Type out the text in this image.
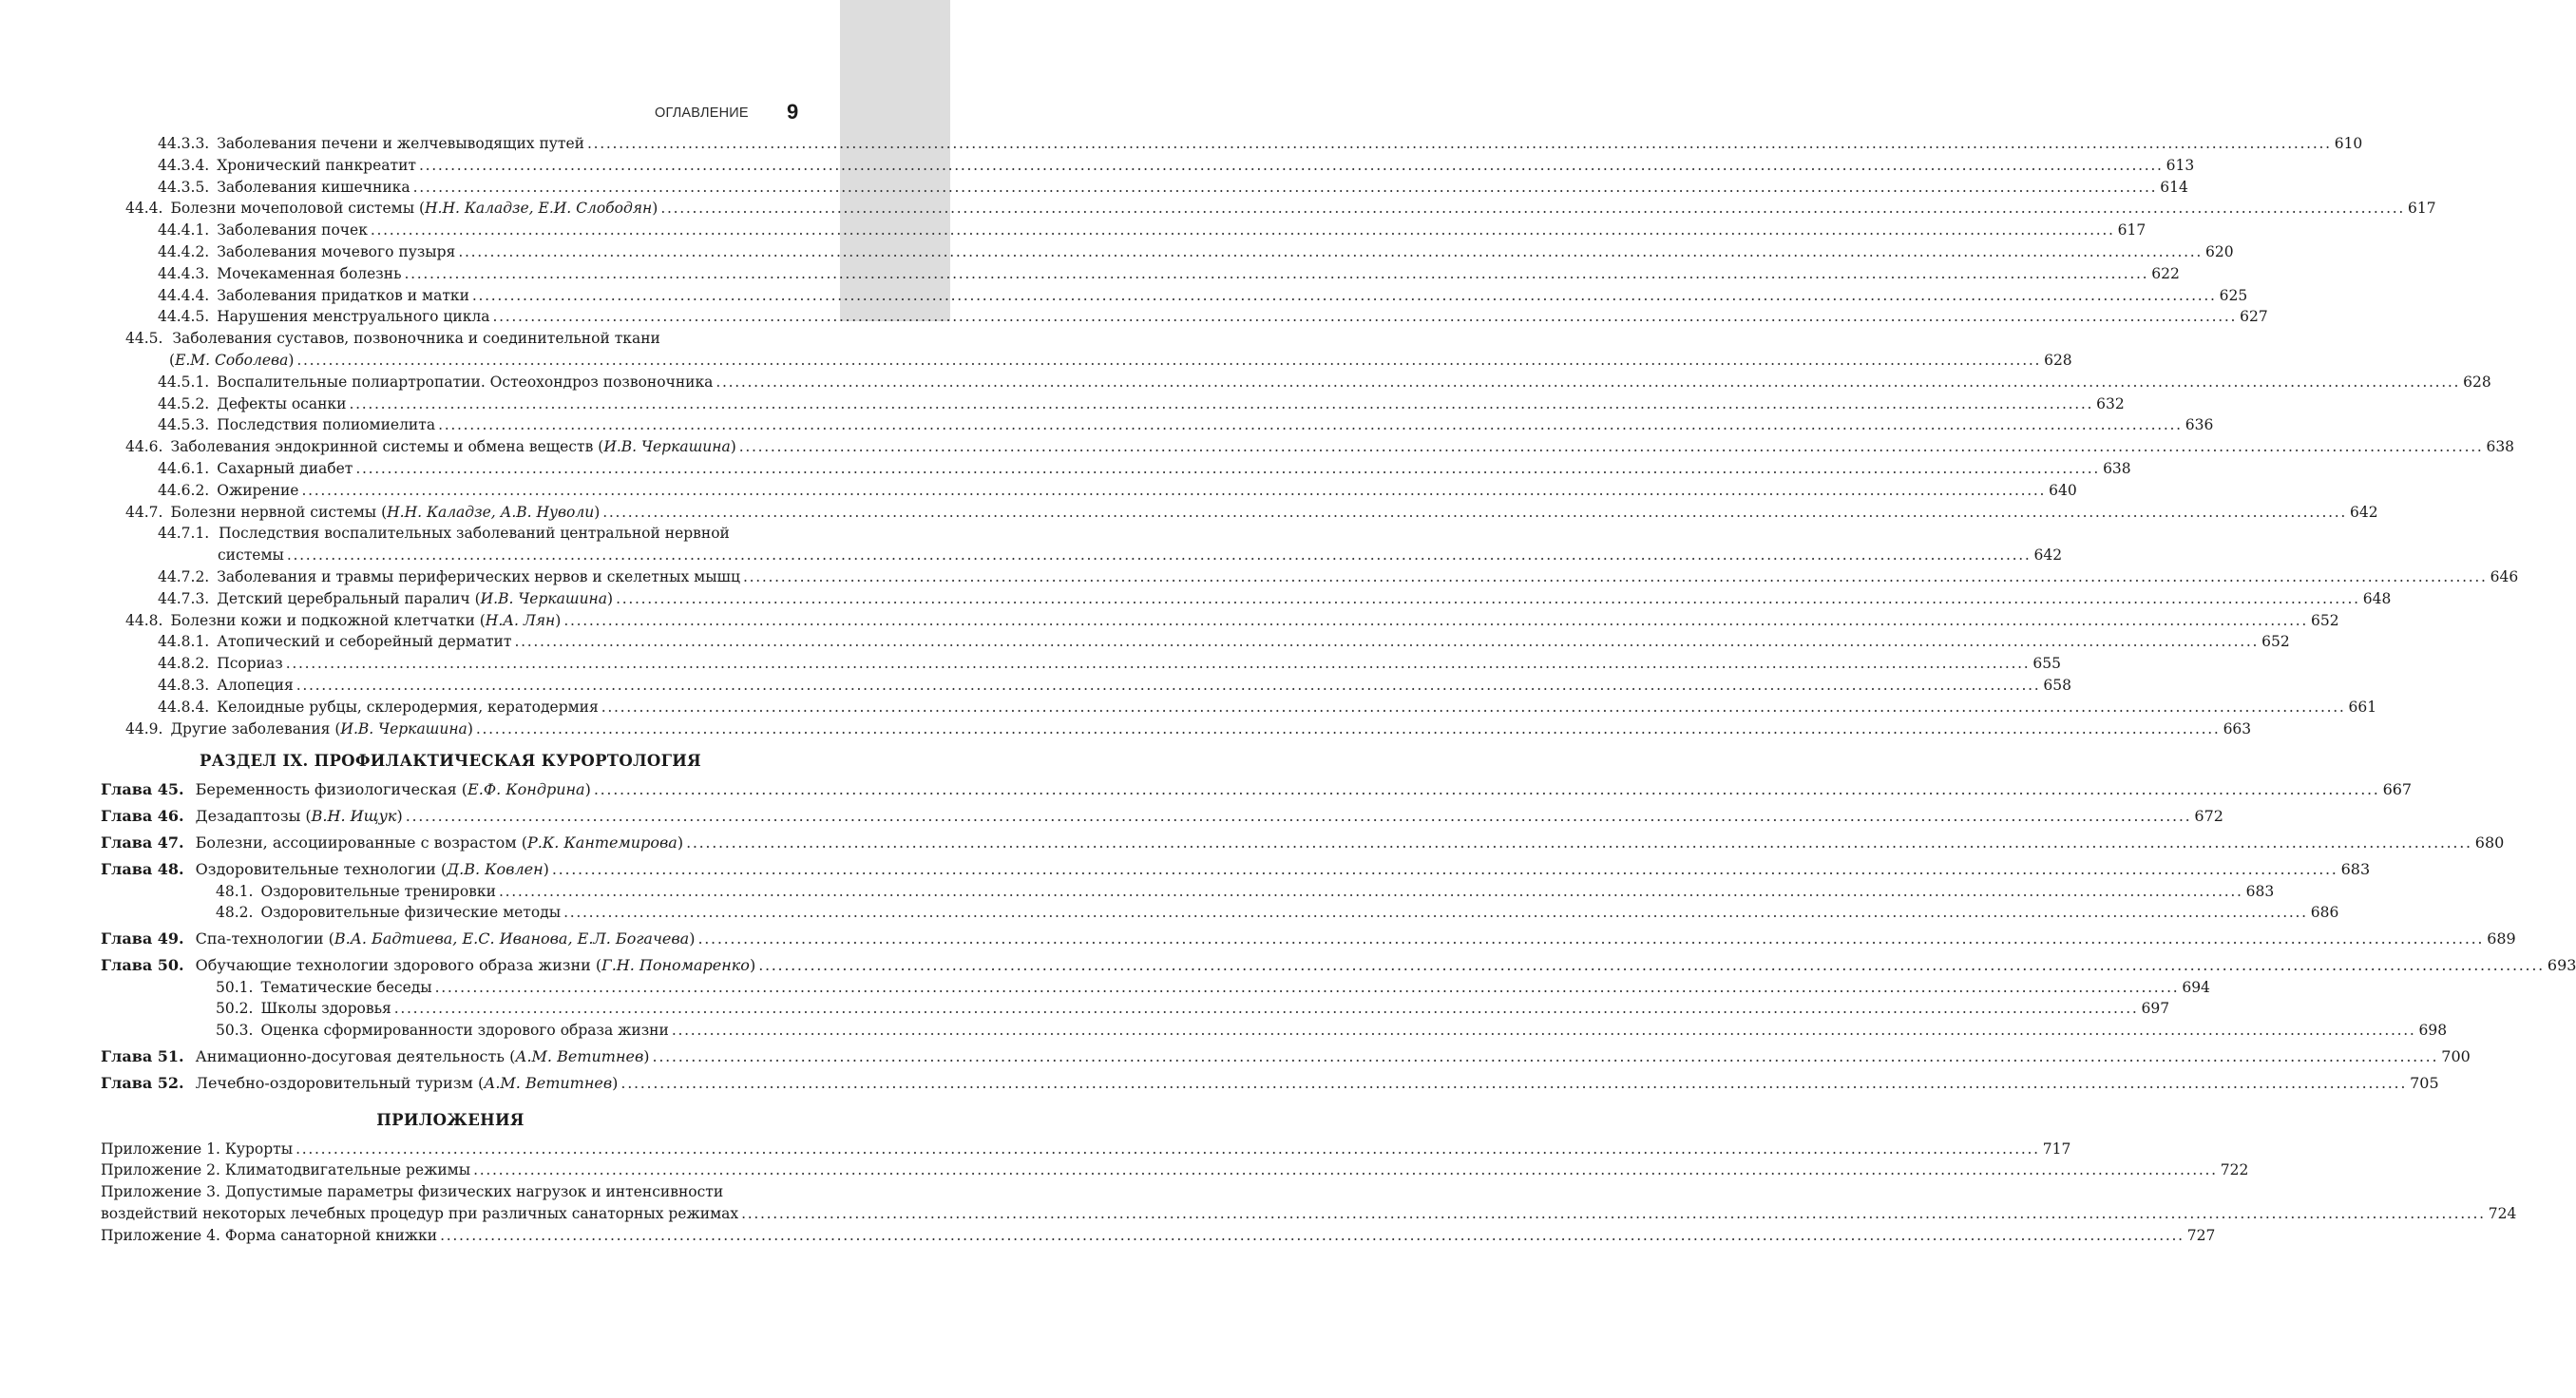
ОГЛАВЛЕНИЕ 9
44.3.3. Заболевания печени и желчевыводящих путей .....	610
44.3.4. Хронический панкреатит .....	613
44.3.5. Заболевания кишечника .....	614
44.4. Болезни мочеполовой системы (Н.Н. Каладзе, Е.И. Слободян) .....	617
44.4.1. Заболевания почек .....	617
44.4.2. Заболевания мочевого пузыря .....	620
44.4.3. Мочекаменная болезнь .....	622
44.4.4. Заболевания придатков и матки .....	625
44.4.5. Нарушения менструального цикла .....	627
44.5. Заболевания суставов, позвоночника и соединительной ткани
(Е.М. Соболева) .....	628
44.5.1. Воспалительные полиартропатии. Остеохондроз позвоночника .....	628
44.5.2. Дефекты осанки .....	632
44.5.3. Последствия полиомиелита .....	636
44.6. Заболевания эндокринной системы и обмена веществ (И.В. Черкашина) .....	638
44.6.1. Сахарный диабет .....	638
44.6.2. Ожирение .....	640
44.7. Болезни нервной системы (Н.Н. Каладзе, А.В. Нуволи) .....	642
44.7.1. Последствия воспалительных заболеваний центральной нервной
системы .....	642
44.7.2. Заболевания и травмы периферических нервов и скелетных мышц .....	646
44.7.3. Детский церебральный паралич (И.В. Черкашина) .....	648
44.8. Болезни кожи и подкожной клетчатки (Н.А. Лян) .....	652
44.8.1. Атопический и себорейный дерматит .....	652
44.8.2. Псориаз .....	655
44.8.3. Алопеция .....	658
44.8.4. Келоидные рубцы, склеродермия, кератодермия .....	661
44.9. Другие заболевания (И.В. Черкашина) .....	663
РАЗДЕЛ IX. ПРОФИЛАКТИЧЕСКАЯ КУРОРТОЛОГИЯ
Глава 45. Беременность физиологическая (Е.Ф. Кондрина) .....	667
Глава 46. Дезадаптозы (В.Н. Ищук) .....	672
Глава 47. Болезни, ассоциированные с возрастом (Р.К. Кантемирова) .....	680
Глава 48. Оздоровительные технологии (Д.В. Ковлен) .....	683
48.1. Оздоровительные тренировки .....	683
48.2. Оздоровительные физические методы .....	686
Глава 49. Спа-технологии (В.А. Бадтиева, Е.С. Иванова, Е.Л. Богачева) .....	689
Глава 50. Обучающие технологии здорового образа жизни (Г.Н. Пономаренко) .....	693
50.1. Тематические беседы .....	694
50.2. Школы здоровья .....	697
50.3. Оценка сформированности здорового образа жизни .....	698
Глава 51. Анимационно-досуговая деятельность (А.М. Ветитнев) .....	700
Глава 52. Лечебно-оздоровительный туризм (А.М. Ветитнев) .....	705
ПРИЛОЖЕНИЯ
Приложение 1. Курорты .....	717
Приложение 2. Климатодвигательные режимы .....	722
Приложение 3. Допустимые параметры физических нагрузок и интенсивности
воздействий некоторых лечебных процедур при различных санаторных режимах .....	724
Приложение 4. Форма санаторной книжки .....	727
